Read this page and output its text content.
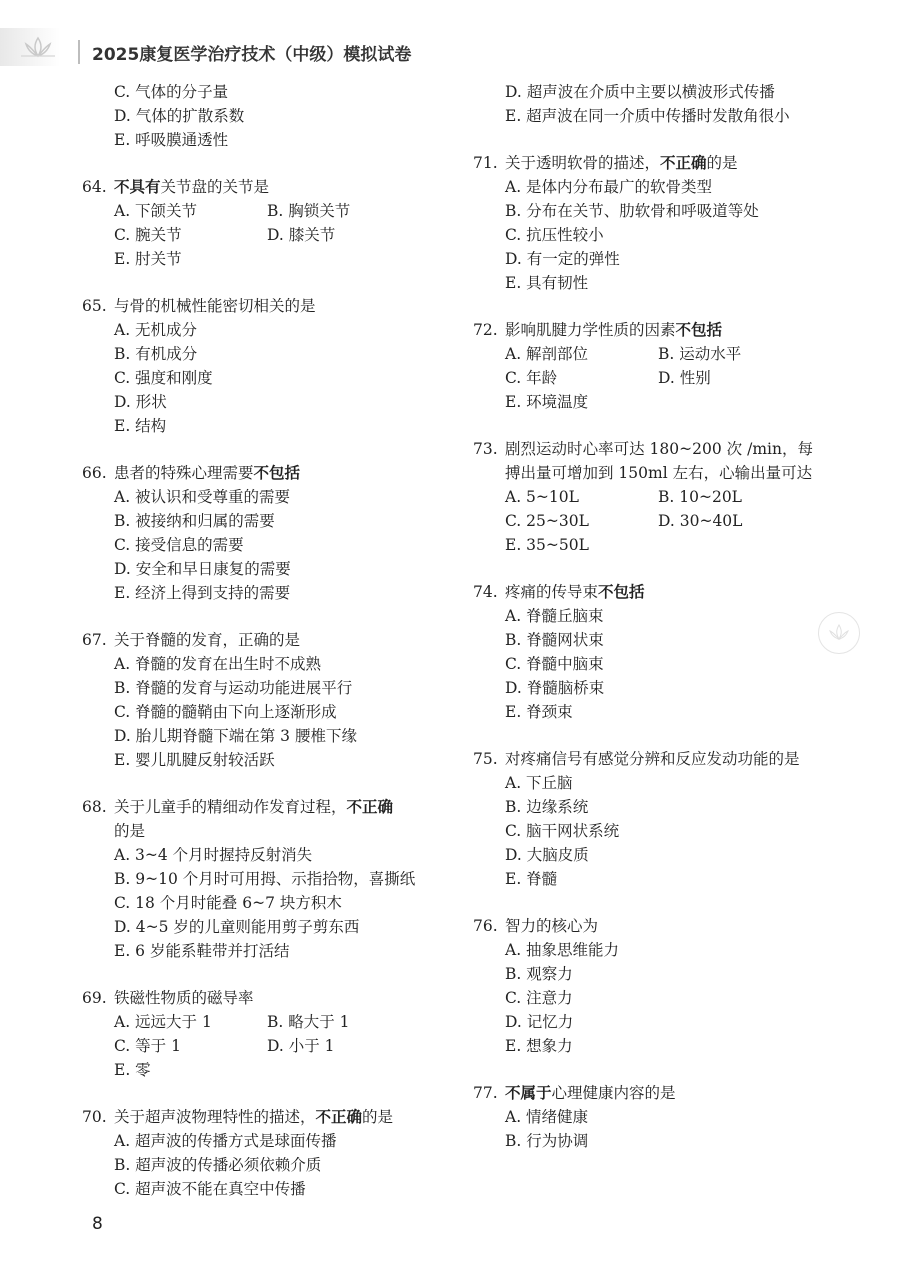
2025康复医学治疗技术（中级）模拟试卷
C. 气体的分子量
D. 气体的扩散系数
E. 呼吸膜通透性
64. 不具有关节盘的关节是
A. 下颌关节	B. 胸锁关节
C. 腕关节	D. 膝关节
E. 肘关节
65. 与骨的机械性能密切相关的是
A. 无机成分
B. 有机成分
C. 强度和刚度
D. 形状
E. 结构
66. 患者的特殊心理需要不包括
A. 被认识和受尊重的需要
B. 被接纳和归属的需要
C. 接受信息的需要
D. 安全和早日康复的需要
E. 经济上得到支持的需要
67. 关于脊髓的发育，正确的是
A. 脊髓的发育在出生时不成熟
B. 脊髓的发育与运动功能进展平行
C. 脊髓的髓鞘由下向上逐渐形成
D. 胎儿期脊髓下端在第 3 腰椎下缘
E. 婴儿肌腱反射较活跃
68. 关于儿童手的精细动作发育过程，不正确
的是
A. 3~4 个月时握持反射消失
B. 9~10 个月时可用拇、示指拾物，喜撕纸
C. 18 个月时能叠 6~7 块方积木
D. 4~5 岁的儿童则能用剪子剪东西
E. 6 岁能系鞋带并打活结
69. 铁磁性物质的磁导率
A. 远远大于 1	B. 略大于 1
C. 等于 1	D. 小于 1
E. 零
70. 关于超声波物理特性的描述，不正确的是
A. 超声波的传播方式是球面传播
B. 超声波的传播必须依赖介质
C. 超声波不能在真空中传播
D. 超声波在介质中主要以横波形式传播
E. 超声波在同一介质中传播时发散角很小
71. 关于透明软骨的描述，不正确的是
A. 是体内分布最广的软骨类型
B. 分布在关节、肋软骨和呼吸道等处
C. 抗压性较小
D. 有一定的弹性
E. 具有韧性
72. 影响肌腱力学性质的因素不包括
A. 解剖部位	B. 运动水平
C. 年龄	D. 性别
E. 环境温度
73. 剧烈运动时心率可达 180~200 次 /min，每搏出量可增加到 150ml 左右，心输出量可达
A. 5~10L	B. 10~20L
C. 25~30L	D. 30~40L
E. 35~50L
74. 疼痛的传导束不包括
A. 脊髓丘脑束
B. 脊髓网状束
C. 脊髓中脑束
D. 脊髓脑桥束
E. 脊颈束
75. 对疼痛信号有感觉分辨和反应发动功能的是
A. 下丘脑
B. 边缘系统
C. 脑干网状系统
D. 大脑皮质
E. 脊髓
76. 智力的核心为
A. 抽象思维能力
B. 观察力
C. 注意力
D. 记忆力
E. 想象力
77. 不属于心理健康内容的是
A. 情绪健康
B. 行为协调
8
